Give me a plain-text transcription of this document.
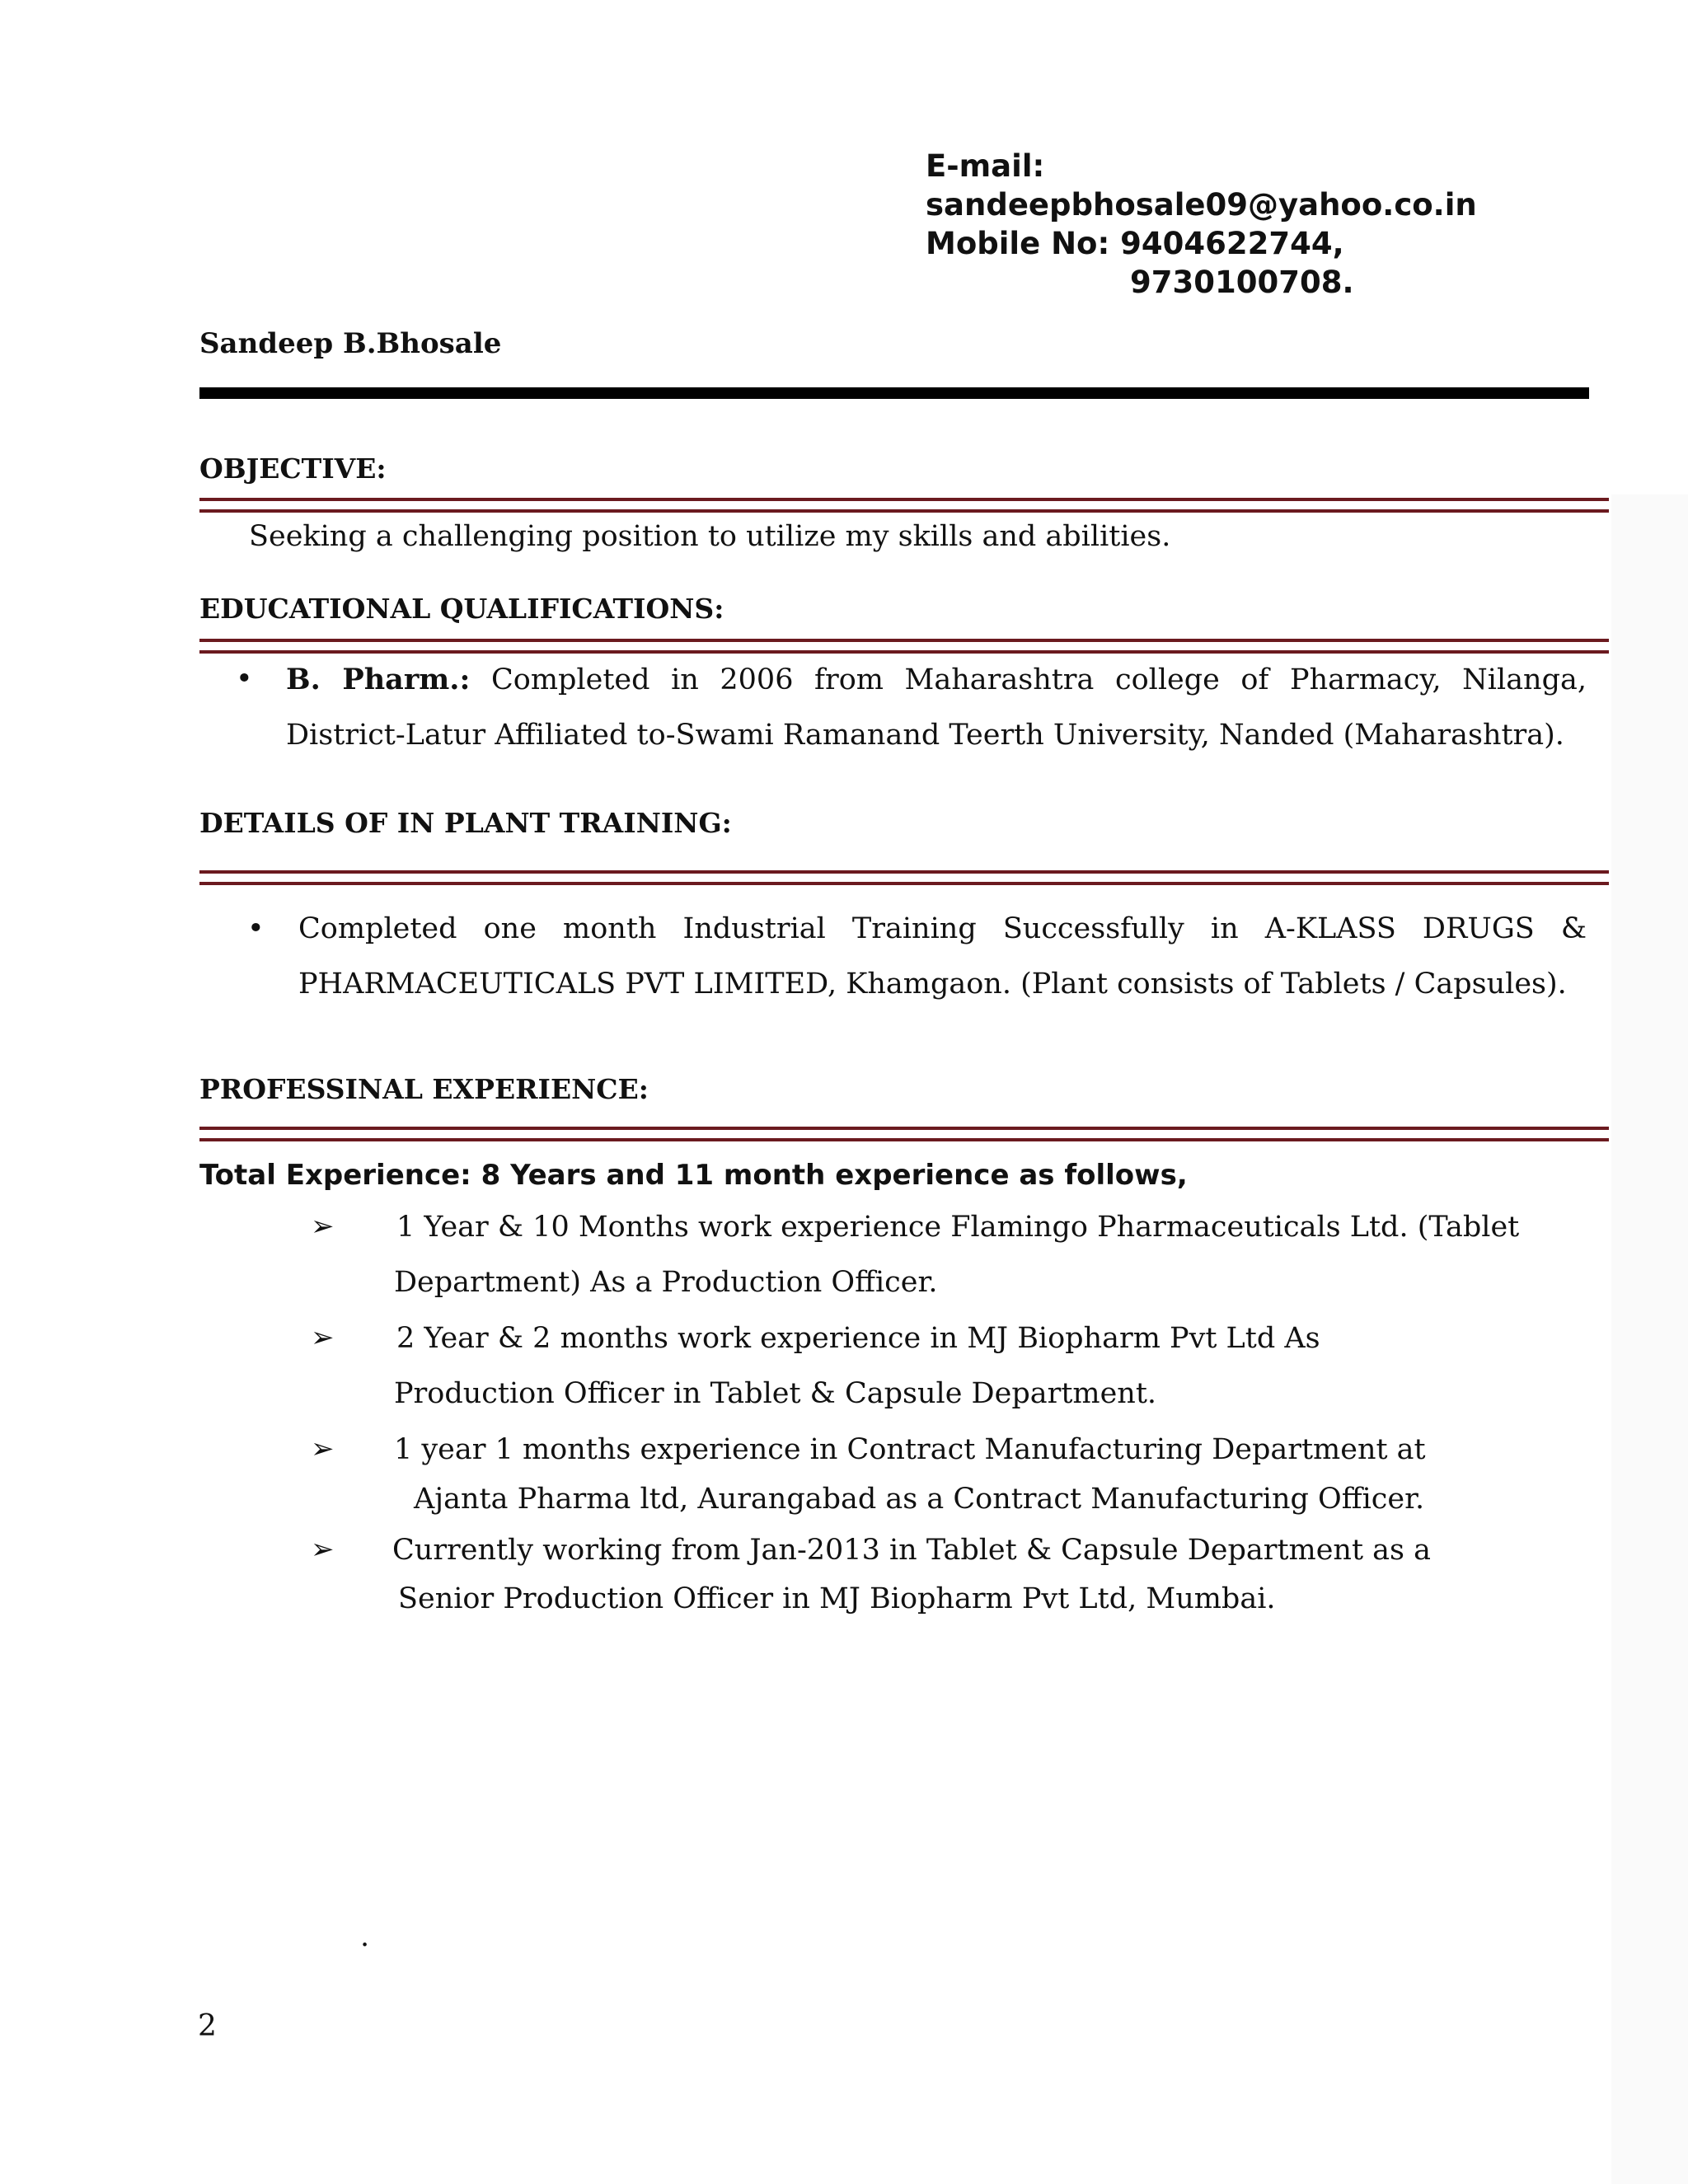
E-mail:
sandeepbhosale09@yahoo.co.in
Mobile No: 9404622744,
9730100708.
Sandeep B.Bhosale
OBJECTIVE:
Seeking a challenging position to utilize my skills and abilities.
EDUCATIONAL QUALIFICATIONS:
• B. Pharm.: Completed in 2006 from Maharashtra college of Pharmacy, Nilanga, District-Latur Affiliated to-Swami Ramanand Teerth University, Nanded (Maharashtra).
DETAILS OF IN PLANT TRAINING:
• Completed one month Industrial Training Successfully in A-KLASS DRUGS & PHARMACEUTICALS PVT LIMITED, Khamgaon. (Plant consists of Tablets / Capsules).
PROFESSINAL EXPERIENCE:
Total Experience: 8 Years and 11 month experience as follows,
➢ 1 Year & 10 Months work experience Flamingo Pharmaceuticals Ltd. (Tablet
Department) As a Production Officer.
➢ 2 Year & 2 months work experience in MJ Biopharm Pvt Ltd As
Production Officer in Tablet & Capsule Department.
➢ 1 year 1 months experience in Contract Manufacturing Department at
Ajanta Pharma ltd, Aurangabad as a Contract Manufacturing Officer.
➢ Currently working from Jan-2013 in Tablet & Capsule Department as a
Senior Production Officer in MJ Biopharm Pvt Ltd, Mumbai.
.
2
